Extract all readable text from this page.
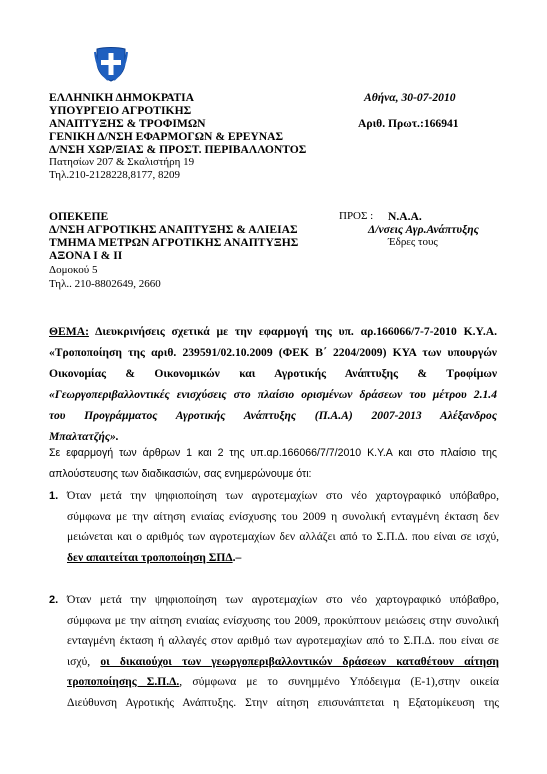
ΕΛΛΗΝΙΚΗ ΔΗΜΟΚΡΑΤΙΑ
ΥΠΟΥΡΓΕΙΟ ΑΓΡΟΤΙΚΗΣ
ΑΝΑΠΤΥΞΗΣ & ΤΡΟΦΙΜΩΝ
ΓΕΝΙΚΗ Δ/ΝΣΗ ΕΦΑΡΜΟΓΩΝ & ΕΡΕΥΝΑΣ
Δ/ΝΣΗ ΧΩΡ/ΞΙΑΣ & ΠΡΟΣΤ. ΠΕΡΙΒΑΛΛΟΝΤΟΣ
Πατησίων 207 & Σκαλιστήρη 19
Τηλ.210-2128228,8177, 8209
Αθήνα, 30-07-2010
Αριθ. Πρωτ.:166941
ΟΠΕΚΕΠΕ
Δ/ΝΣΗ ΑΓΡΟΤΙΚΗΣ ΑΝΑΠΤΥΞΗΣ & ΑΛΙΕΙΑΣ
ΤΜΗΜΑ ΜΕΤΡΩΝ ΑΓΡΟΤΙΚΗΣ ΑΝΑΠΤΥΞΗΣ
ΑΞΟΝΑ Ι & ΙΙ
Δομοκού 5
Τηλ.. 210-8802649, 2660
ΠΡΟΣ : Ν.Α.Α.
Δ/νσεις Αγρ.Ανάπτυξης
Έδρες τους
ΘΕΜΑ: Διευκρινήσεις σχετικά με την εφαρμογή της υπ. αρ.166066/7-7-2010 Κ.Υ.Α.
«Τροποποίηση της αριθ. 239591/02.10.2009 (ΦΕΚ Β΄ 2204/2009) ΚΥΑ των υπουργών
Οικονομίας & Οικονομικών και Αγροτικής Ανάπτυξης & Τροφίμων
«Γεωργοπεριβαλλοντικές ενισχύσεις στο πλαίσιο ορισμένων δράσεων του μέτρου 2.1.4
του Προγράμματος Αγροτικής Ανάπτυξης (Π.Α.Α) 2007-2013 Αλέξανδρος
Μπαλτατζής».
Σε εφαρμογή των άρθρων 1 και 2 της υπ.αρ.166066/7/7/2010 Κ.Υ.Α και στο πλαίσιο της
απλούστευσης των διαδικασιών, σας ενημερώνουμε ότι:
1. Όταν μετά την ψηφιοποίηση των αγροτεμαχίων στο νέο χαρτογραφικό υπόβαθρο,
σύμφωνα με την αίτηση ενιαίας ενίσχυσης του 2009 η συνολική ενταγμένη έκταση δεν
μειώνεται και ο αριθμός των αγροτεμαχίων δεν αλλάζει από το Σ.Π.Δ. που είναι σε ισχύ,
δεν απαιτείται τροποποίηση ΣΠΔ.–
2. Όταν μετά την ψηφιοποίηση των αγροτεμαχίων στο νέο χαρτογραφικό υπόβαθρο,
σύμφωνα με την αίτηση ενιαίας ενίσχυσης του 2009, προκύπτουν μειώσεις στην συνολική
ενταγμένη έκταση ή αλλαγές στον αριθμό των αγροτεμαχίων από το Σ.Π.Δ. που είναι σε
ισχύ, οι δικαιούχοι των γεωργοπεριβαλλοντικών δράσεων καταθέτουν αίτηση
τροποποίησης Σ.Π.Δ., σύμφωνα με το συνημμένο Υπόδειγμα (Ε-1),στην οικεία
Διεύθυνση Αγροτικής Ανάπτυξης. Στην αίτηση επισυνάπτεται η Εξατομίκευση της
